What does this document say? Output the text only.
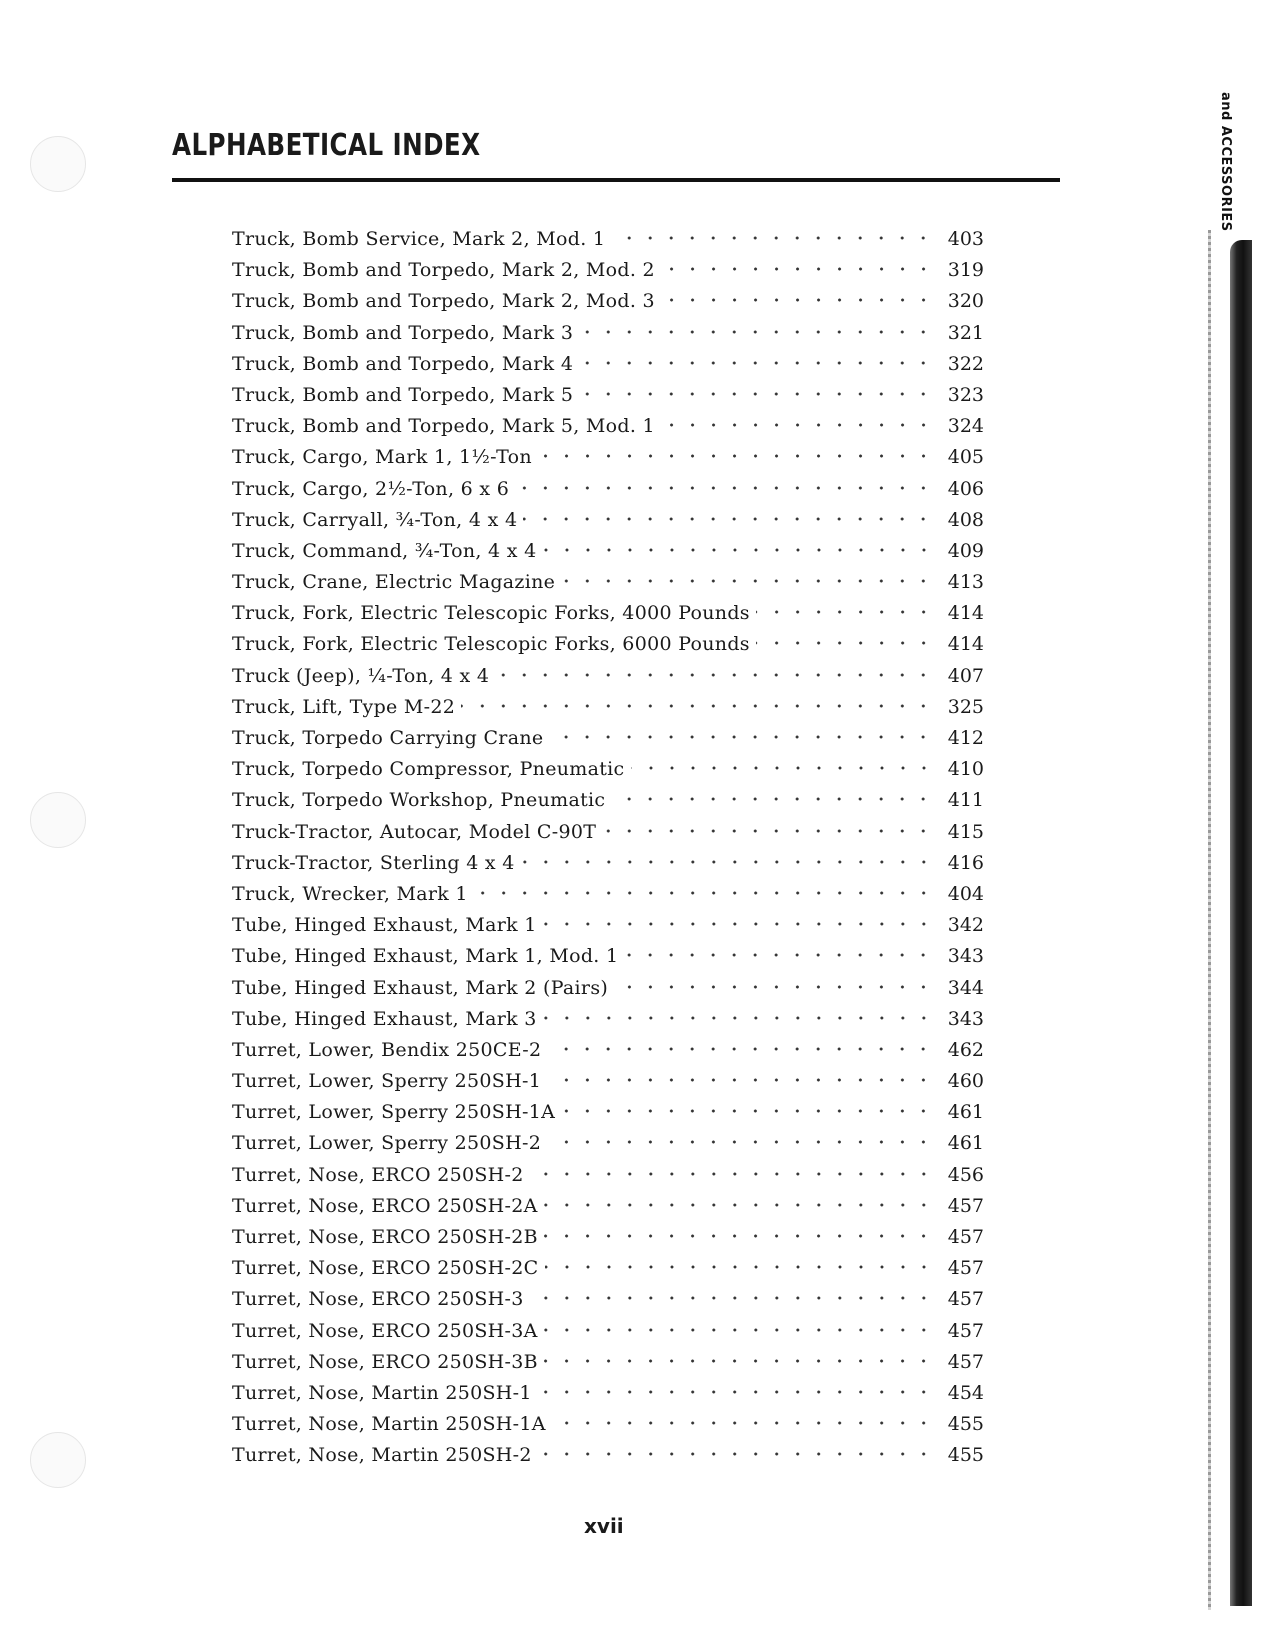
ALPHABETICAL INDEX
Truck, Bomb Service, Mark 2, Mod. 1	403
Truck, Bomb and Torpedo, Mark 2, Mod. 2	319
Truck, Bomb and Torpedo, Mark 2, Mod. 3	320
Truck, Bomb and Torpedo, Mark 3	321
Truck, Bomb and Torpedo, Mark 4	322
Truck, Bomb and Torpedo, Mark 5	323
Truck, Bomb and Torpedo, Mark 5, Mod. 1	324
Truck, Cargo, Mark 1, 1½-Ton	405
Truck, Cargo, 2½-Ton, 6 x 6	406
Truck, Carryall, ¾-Ton, 4 x 4	408
Truck, Command, ¾-Ton, 4 x 4	409
Truck, Crane, Electric Magazine	413
Truck, Fork, Electric Telescopic Forks, 4000 Pounds	414
Truck, Fork, Electric Telescopic Forks, 6000 Pounds	414
Truck (Jeep), ¼-Ton, 4 x 4	407
Truck, Lift, Type M-22	325
Truck, Torpedo Carrying Crane	412
Truck, Torpedo Compressor, Pneumatic	410
Truck, Torpedo Workshop, Pneumatic	411
Truck-Tractor, Autocar, Model C-90T	415
Truck-Tractor, Sterling 4 x 4	416
Truck, Wrecker, Mark 1	404
Tube, Hinged Exhaust, Mark 1	342
Tube, Hinged Exhaust, Mark 1, Mod. 1	343
Tube, Hinged Exhaust, Mark 2 (Pairs)	344
Tube, Hinged Exhaust, Mark 3	343
Turret, Lower, Bendix 250CE-2	462
Turret, Lower, Sperry 250SH-1	460
Turret, Lower, Sperry 250SH-1A	461
Turret, Lower, Sperry 250SH-2	461
Turret, Nose, ERCO 250SH-2	456
Turret, Nose, ERCO 250SH-2A	457
Turret, Nose, ERCO 250SH-2B	457
Turret, Nose, ERCO 250SH-2C	457
Turret, Nose, ERCO 250SH-3	457
Turret, Nose, ERCO 250SH-3A	457
Turret, Nose, ERCO 250SH-3B	457
Turret, Nose, Martin 250SH-1	454
Turret, Nose, Martin 250SH-1A	455
Turret, Nose, Martin 250SH-2	455

xvii

and ACCESSORIES
